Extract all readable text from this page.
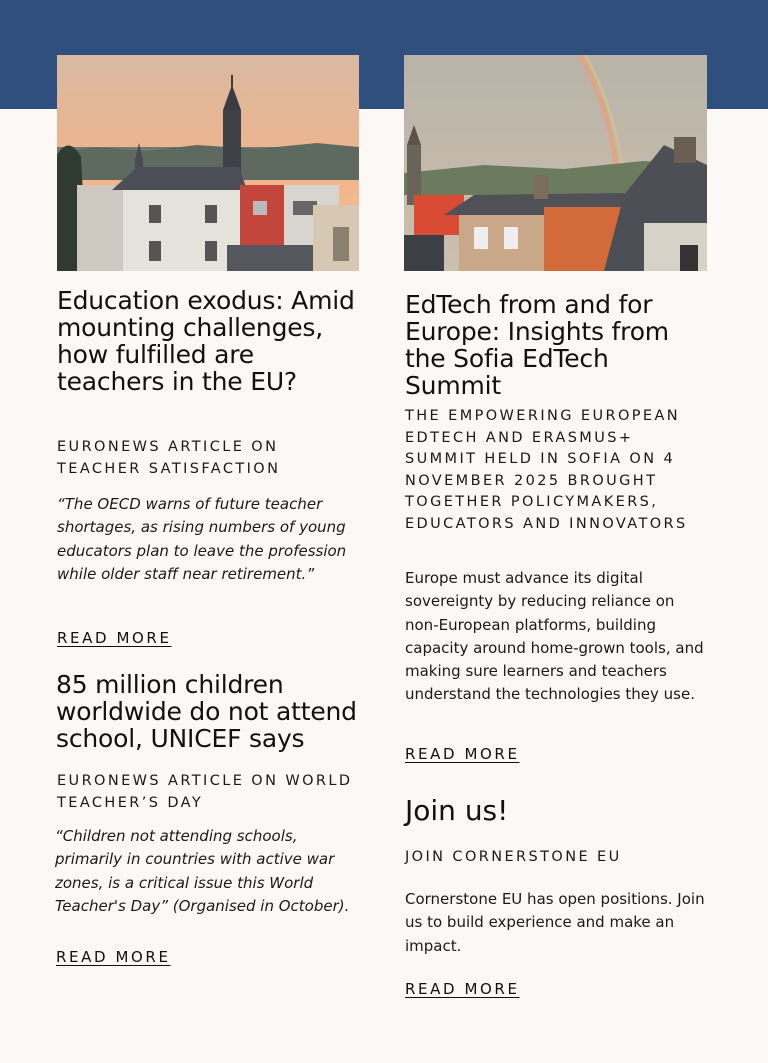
Education exodus: Amid mounting challenges, how fulfilled are teachers in the EU?

EURONEWS ARTICLE ON TEACHER SATISFACTION

“The OECD warns of future teacher shortages, as rising numbers of young educators plan to leave the profession while older staff near retirement.”

READ MORE
85 million children worldwide do not attend school, UNICEF says

EURONEWS ARTICLE ON WORLD TEACHER’S DAY

“Children not attending schools, primarily in countries with active war zones, is a critical issue this World Teacher's Day” (Organised in October).

READ MORE
EdTech from and for Europe: Insights from the Sofia EdTech Summit

THE EMPOWERING EUROPEAN EDTECH AND ERASMUS+ SUMMIT HELD IN SOFIA ON 4 NOVEMBER 2025 BROUGHT TOGETHER POLICYMAKERS, EDUCATORS AND INNOVATORS

Europe must advance its digital sovereignty by reducing reliance on non-European platforms, building capacity around home-grown tools, and making sure learners and teachers understand the technologies they use.

READ MORE
Join us!

JOIN CORNERSTONE EU

Cornerstone EU has open positions. Join us to build experience and make an impact.

READ MORE
